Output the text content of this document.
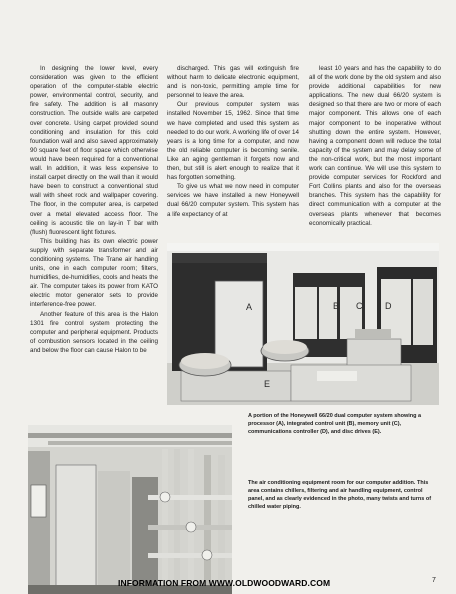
In designing the lower level, every consideration was given to the efficient operation of the computer-stable electric power, environmental control, security, and fire safety. The addition is all masonry construction. The outside walls are carpeted over concrete. Using carpet provided sound conditioning and insulation for this cold foundation wall and also saved approximately 90 square feet of floor space which otherwise would have been required for a conventional wall. In addition, it was less expensive to install carpet directly on the wall than it would have been to construct a conventional stud wall with sheet rock and wallpaper covering. The floor, in the computer area, is carpeted over a metal elevated access floor. The ceiling is acoustic tile on lay-in T bar with (flush) fluorescent light fixtures.

This building has its own electric power supply with separate transformer and air conditioning systems. The Trane air handling units, one in each computer room; filters, humidifies, de-humidifies, cools and heats the air. The computer takes its power from KATO electric motor generator sets to provide interference-free power.

Another feature of this area is the Halon 1301 fire control system protecting the computer and peripheral equipment. Products of combustion sensors located in the ceiling and below the floor can cause Halon to be

discharged. This gas will extinguish fire without harm to delicate electronic equipment, and is non-toxic, permitting ample time for personnel to leave the area.

Our previous computer system was installed November 15, 1962. Since that time we have completed and used this system as needed to do our work. A working life of over 14 years is a long time for a computer, and now the old reliable computer is becoming senile. Like an aging gentleman it forgets now and then, but still is alert enough to realize that it has forgotten something.

To give us what we now need in computer services we have installed a new Honeywell dual 66/20 computer system. This system has a life expectancy of at

least 10 years and has the capability to do all of the work done by the old system and also provide additional capabilities for new applications. The new dual 66/20 system is designed so that there are two or more of each major component. This allows one of each major component to be inoperative without shutting down the entire system. However, having a component down will reduce the total capacity of the system and may delay some of the non-critical work, but the most important work can continue. We will use this system to provide computer services for Rockford and Fort Collins plants and also for the overseas branches. This system has the capability for direct communication with a computer at the overseas plants whenever that becomes economically practical.

A	B C	D
E
A portion of the Honeywell 66/20 dual computer system showing a processor (A), integrated control unit (B), memory unit (C), communications controller (D), and disc drives (E).
The air conditioning equipment room for our computer addition. This area contains chillers, filtering and air handling equipment, control panel, and as clearly evidenced in the photo, many twists and turns of chilled water piping.
INFORMATION FROM WWW.OLDWOODWARD.COM	7
